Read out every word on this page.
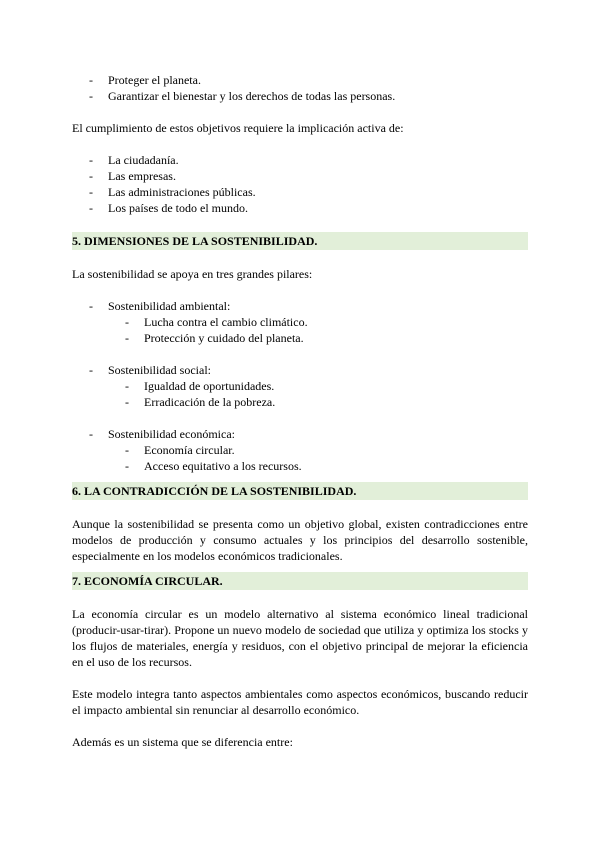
- Proteger el planeta.
- Garantizar el bienestar y los derechos de todas las personas.

El cumplimiento de estos objetivos requiere la implicación activa de:

- La ciudadanía.
- Las empresas.
- Las administraciones públicas.
- Los países de todo el mundo.
5. DIMENSIONES DE LA SOSTENIBILIDAD.

La sostenibilidad se apoya en tres grandes pilares:

- Sostenibilidad ambiental:
- Lucha contra el cambio climático.
- Protección y cuidado del planeta.
- Sostenibilidad social:
- Igualdad de oportunidades.
- Erradicación de la pobreza.
- Sostenibilidad económica:
- Economía circular.
- Acceso equitativo a los recursos.
6. LA CONTRADICCIÓN DE LA SOSTENIBILIDAD.

Aunque la sostenibilidad se presenta como un objetivo global, existen contradicciones entre modelos de producción y consumo actuales y los principios del desarrollo sostenible, especialmente en los modelos económicos tradicionales.

7. ECONOMÍA CIRCULAR.

La economía circular es un modelo alternativo al sistema económico lineal tradicional (producir-usar-tirar). Propone un nuevo modelo de sociedad que utiliza y optimiza los stocks y los flujos de materiales, energía y residuos, con el objetivo principal de mejorar la eficiencia en el uso de los recursos.

Este modelo integra tanto aspectos ambientales como aspectos económicos, buscando reducir el impacto ambiental sin renunciar al desarrollo económico.

Además es un sistema que se diferencia entre:
